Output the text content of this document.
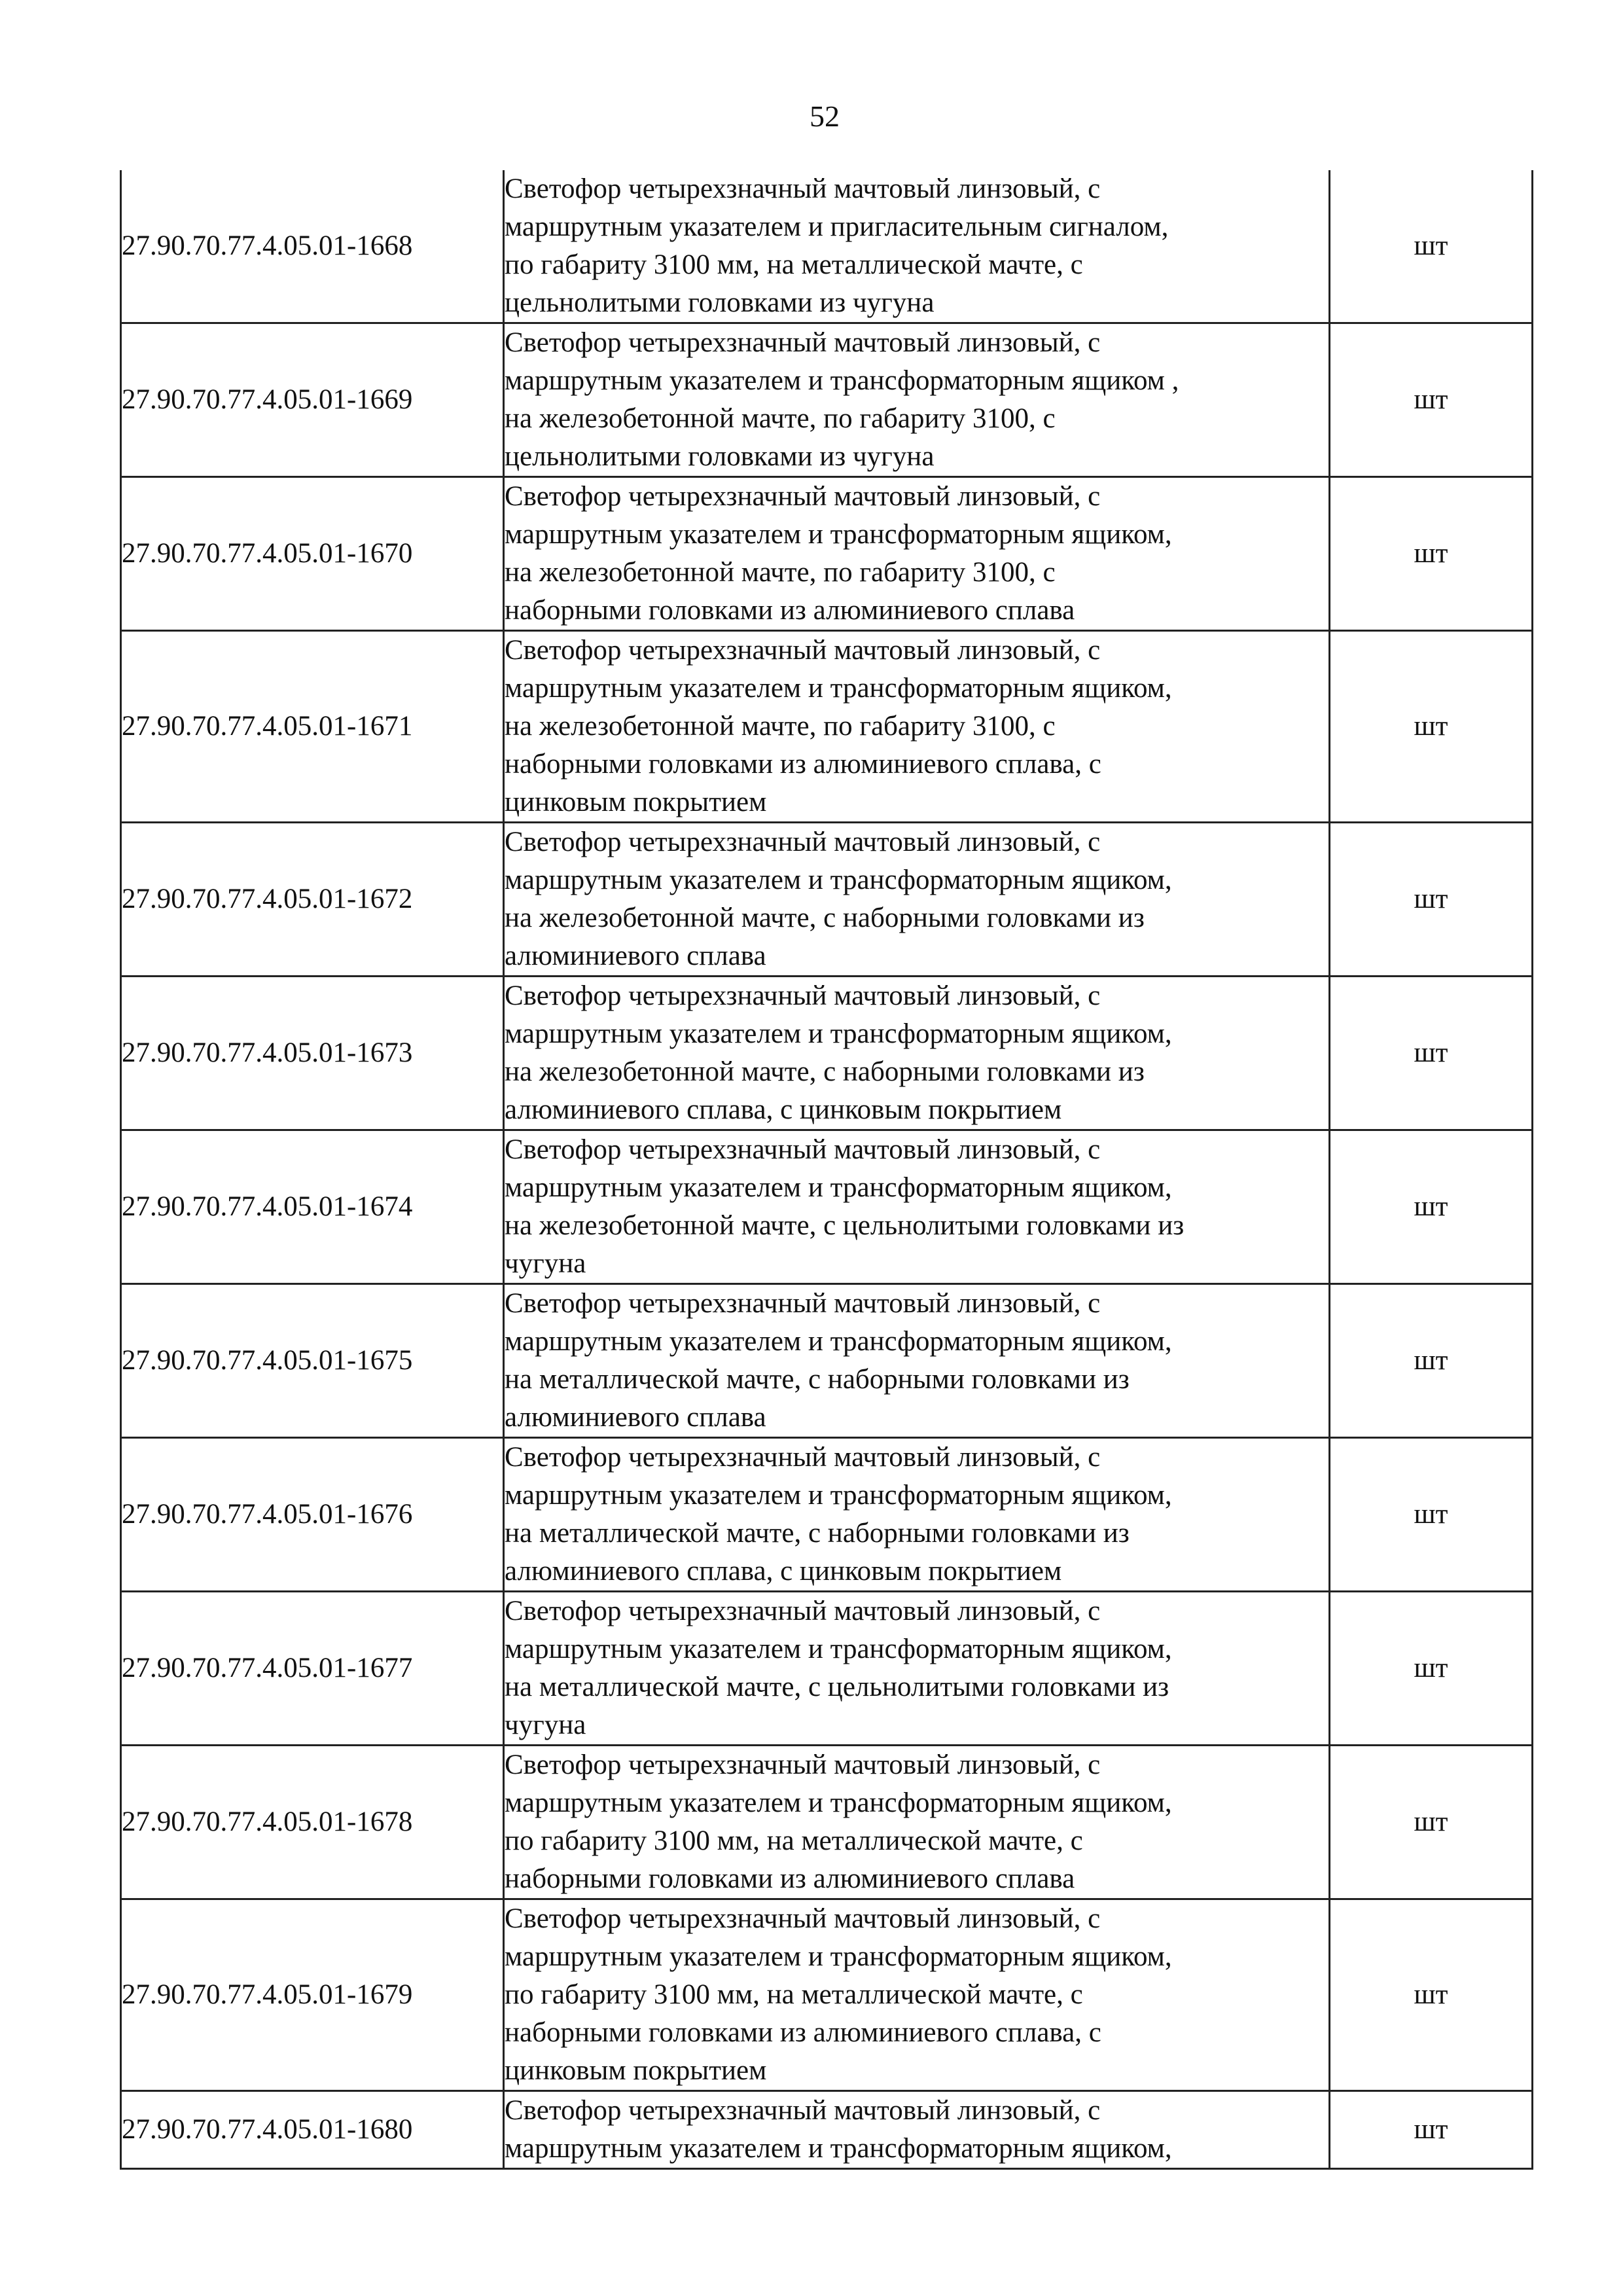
52
27.90.70.77.4.05.01-1668	Светофор четырехзначный мачтовый линзовый, с
маршрутным указателем и пригласительным сигналом,
по габариту 3100 мм, на металлической мачте, с
цельнолитыми головками из чугуна	шт
27.90.70.77.4.05.01-1669	Светофор четырехзначный мачтовый линзовый, с
маршрутным указателем и трансформаторным ящиком ,
на железобетонной мачте, по габариту 3100, с
цельнолитыми головками из чугуна	шт
27.90.70.77.4.05.01-1670	Светофор четырехзначный мачтовый линзовый, с
маршрутным указателем и трансформаторным ящиком,
на железобетонной мачте, по габариту 3100, с
наборными головками из алюминиевого сплава	шт
27.90.70.77.4.05.01-1671	Светофор четырехзначный мачтовый линзовый, с
маршрутным указателем и трансформаторным ящиком,
на железобетонной мачте, по габариту 3100, с
наборными головками из алюминиевого сплава, с
цинковым покрытием	шт
27.90.70.77.4.05.01-1672	Светофор четырехзначный мачтовый линзовый, с
маршрутным указателем и трансформаторным ящиком,
на железобетонной мачте, с наборными головками из
алюминиевого сплава	шт
27.90.70.77.4.05.01-1673	Светофор четырехзначный мачтовый линзовый, с
маршрутным указателем и трансформаторным ящиком,
на железобетонной мачте, с наборными головками из
алюминиевого сплава, с цинковым покрытием	шт
27.90.70.77.4.05.01-1674	Светофор четырехзначный мачтовый линзовый, с
маршрутным указателем и трансформаторным ящиком,
на железобетонной мачте, с цельнолитыми головками из
чугуна	шт
27.90.70.77.4.05.01-1675	Светофор четырехзначный мачтовый линзовый, с
маршрутным указателем и трансформаторным ящиком,
на металлической мачте, с наборными головками из
алюминиевого сплава	шт
27.90.70.77.4.05.01-1676	Светофор четырехзначный мачтовый линзовый, с
маршрутным указателем и трансформаторным ящиком,
на металлической мачте, с наборными головками из
алюминиевого сплава, с цинковым покрытием	шт
27.90.70.77.4.05.01-1677	Светофор четырехзначный мачтовый линзовый, с
маршрутным указателем и трансформаторным ящиком,
на металлической мачте, с цельнолитыми головками из
чугуна	шт
27.90.70.77.4.05.01-1678	Светофор четырехзначный мачтовый линзовый, с
маршрутным указателем и трансформаторным ящиком,
по габариту 3100 мм, на металлической мачте, с
наборными головками из алюминиевого сплава	шт
27.90.70.77.4.05.01-1679	Светофор четырехзначный мачтовый линзовый, с
маршрутным указателем и трансформаторным ящиком,
по габариту 3100 мм, на металлической мачте, с
наборными головками из алюминиевого сплава, с
цинковым покрытием	шт
27.90.70.77.4.05.01-1680	Светофор четырехзначный мачтовый линзовый, с
маршрутным указателем и трансформаторным ящиком,	шт
